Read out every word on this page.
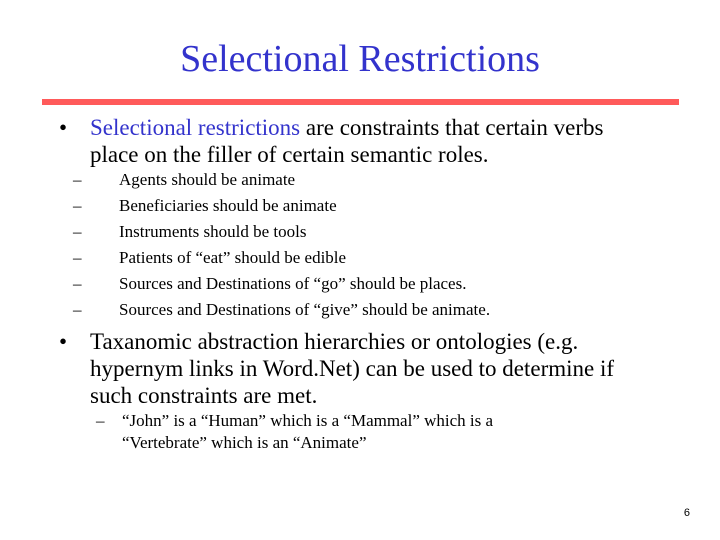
Selectional Restrictions
• Selectional restrictions are constraints that certain verbs
place on the filler of certain semantic roles.
– Agents should be animate
– Beneficiaries should be animate
– Instruments should be tools
– Patients of “eat” should be edible
– Sources and Destinations of “go” should be places.
– Sources and Destinations of “give” should be animate.
• Taxanomic abstraction hierarchies or ontologies (e.g.
hypernym links in Word.Net) can be used to determine if
such constraints are met.
– “John” is a “Human” which is a “Mammal” which is a
“Vertebrate” which is an “Animate”
6
